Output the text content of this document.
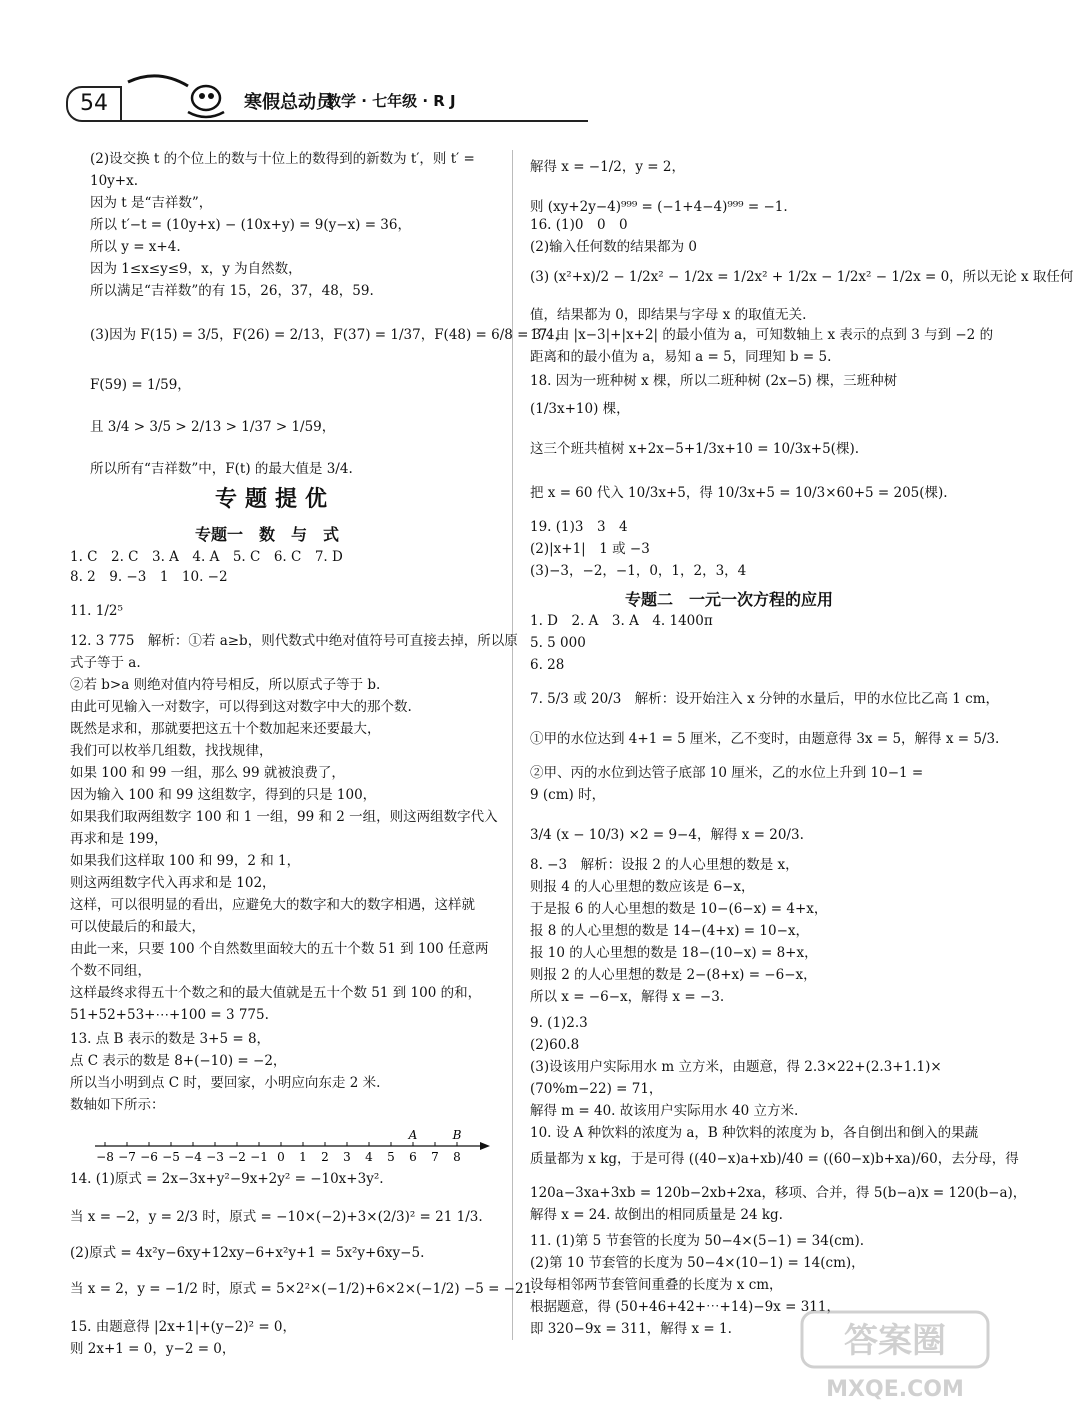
54	寒假总动员
数学 · 七年级 · R J
(2)设交换 t 的个位上的数与十位上的数得到的新数为 t′，则 t′ =
10y+x.
因为 t 是“吉祥数”，
所以 t′−t = (10y+x) − (10x+y) = 9(y−x) = 36，
所以 y = x+4.
因为 1≤x≤y≤9，x，y 为自然数，
所以满足“吉祥数”的有 15，26，37，48，59.
(3)因为 F(15) = 3/5，F(26) = 2/13，F(37) = 1/37，F(48) = 6/8 = 3/4，
F(59) = 1/59，
且 3/4 > 3/5 > 2/13 > 1/37 > 1/59，
所以所有“吉祥数”中，F(t) 的最大值是 3/4.
专题提优
专题一　数　与　式
1. C　2. C　3. A　4. A　5. C　6. C　7. D
8. 2　9. −3　1　10. −2
11. 1/2⁵
12. 3 775　解析：①若 a≥b，则代数式中绝对值符号可直接去掉，所以原
式子等于 a.
②若 b>a 则绝对值内符号相反，所以原式子等于 b.
由此可见输入一对数字，可以得到这对数字中大的那个数.
既然是求和，那就要把这五十个数加起来还要最大，
我们可以枚举几组数，找找规律，
如果 100 和 99 一组，那么 99 就被浪费了，
因为输入 100 和 99 这组数字，得到的只是 100，
如果我们取两组数字 100 和 1 一组，99 和 2 一组，则这两组数字代入
再求和是 199，
如果我们这样取 100 和 99，2 和 1，
则这两组数字代入再求和是 102，
这样，可以很明显的看出，应避免大的数字和大的数字相遇，这样就
可以使最后的和最大，
由此一来，只要 100 个自然数里面较大的五十个数 51 到 100 任意两
个数不同组，
这样最终求得五十个数之和的最大值就是五十个数 51 到 100 的和，
51+52+53+⋯+100 = 3 775.
13. 点 B 表示的数是 3+5 = 8，
点 C 表示的数是 8+(−10) = −2，
所以当小明到点 C 时，要回家，小明应向东走 2 米.
数轴如下所示：
−8 −7 −6 −5 −4 −3 −2 −1 0 1 2 3 4 5 6 7 8
A	B
14. (1)原式 = 2x−3x+y²−9x+2y² = −10x+3y².
当 x = −2，y = 2/3 时，原式 = −10×(−2)+3×(2/3)² = 21 1/3.
(2)原式 = 4x²y−6xy+12xy−6+x²y+1 = 5x²y+6xy−5.
当 x = 2，y = −1/2 时，原式 = 5×2²×(−1/2)+6×2×(−1/2) −5 = −21.
15. 由题意得 |2x+1|+(y−2)² = 0，
则 2x+1 = 0，y−2 = 0，
解得 x = −1/2，y = 2，
则 (xy+2y−4)⁹⁹⁹ = (−1+4−4)⁹⁹⁹ = −1.
16. (1)0　0　0
(2)输入任何数的结果都为 0
(3) (x²+x)/2 − 1/2x² − 1/2x = 1/2x² + 1/2x − 1/2x² − 1/2x = 0，所以无论 x 取任何
值，结果都为 0，即结果与字母 x 的取值无关.
17. 由 |x−3|+|x+2| 的最小值为 a，可知数轴上 x 表示的点到 3 与到 −2 的
距离和的最小值为 a，易知 a = 5，同理知 b = 5.
18. 因为一班种树 x 棵，所以二班种树 (2x−5) 棵，三班种树
(1/3x+10) 棵，
这三个班共植树 x+2x−5+1/3x+10 = 10/3x+5(棵).
把 x = 60 代入 10/3x+5，得 10/3x+5 = 10/3×60+5 = 205(棵).
19. (1)3　3　4
(2)|x+1|　1 或 −3
(3)−3，−2，−1，0，1，2，3，4
专题二　一元一次方程的应用
1. D　2. A　3. A　4. 1400π
5. 5 000
6. 28
7. 5/3 或 20/3　解析：设开始注入 x 分钟的水量后，甲的水位比乙高 1 cm，
①甲的水位达到 4+1 = 5 厘米，乙不变时，由题意得 3x = 5，解得 x = 5/3.
②甲、丙的水位到达管子底部 10 厘米，乙的水位上升到 10−1 =
9 (cm) 时，
3/4 (x − 10/3) ×2 = 9−4，解得 x = 20/3.
8. −3　解析：设报 2 的人心里想的数是 x，
则报 4 的人心里想的数应该是 6−x，
于是报 6 的人心里想的数是 10−(6−x) = 4+x，
报 8 的人心里想的数是 14−(4+x) = 10−x，
报 10 的人心里想的数是 18−(10−x) = 8+x，
则报 2 的人心里想的数是 2−(8+x) = −6−x，
所以 x = −6−x，解得 x = −3.
9. (1)2.3
(2)60.8
(3)设该用户实际用水 m 立方米，由题意，得 2.3×22+(2.3+1.1)×
(70%m−22) = 71，
解得 m = 40. 故该用户实际用水 40 立方米.
10. 设 A 种饮料的浓度为 a，B 种饮料的浓度为 b，各自倒出和倒入的果蔬
质量都为 x kg，于是可得 ((40−x)a+xb)/40 = ((60−x)b+xa)/60，去分母，得
120a−3xa+3xb = 120b−2xb+2xa，移项、合并，得 5(b−a)x = 120(b−a)，
解得 x = 24. 故倒出的相同质量是 24 kg.
11. (1)第 5 节套管的长度为 50−4×(5−1) = 34(cm).
(2)第 10 节套管的长度为 50−4×(10−1) = 14(cm)，
设每相邻两节套管间重叠的长度为 x cm，
根据题意，得 (50+46+42+⋯+14)−9x = 311，
即 320−9x = 311，解得 x = 1.	答案圈
MXQE.COM
